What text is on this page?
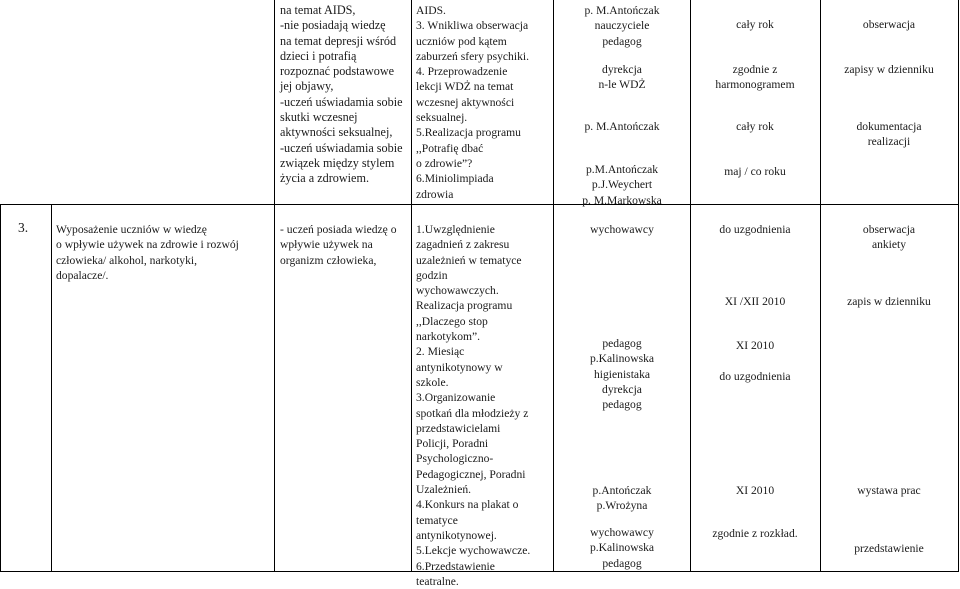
na temat AIDS,
-nie posiadają wiedzę
na temat depresji wśród
dzieci i potrafią
rozpoznać podstawowe
jej objawy,
-uczeń uświadamia sobie
skutki wczesnej
aktywności seksualnej,
-uczeń uświadamia sobie
związek między stylem
życia a zdrowiem.
AIDS.
3. Wnikliwa obserwacja
uczniów pod kątem
zaburzeń sfery psychiki.
4. Przeprowadzenie
lekcji WDŻ na temat
wczesnej aktywności
seksualnej.
5.Realizacja programu
,,Potrafię dbać
o zdrowie”?
6.Miniolimpiada
zdrowia
p. M.Antończak
nauczyciele
pedagog
dyrekcja
n-le WDŻ
p. M.Antończak
p.M.Antończak
p.J.Weychert
p. M.Markowska
cały rok
zgodnie z
harmonogramem
cały rok
maj / co roku
obserwacja
zapisy w dzienniku
dokumentacja
realizacji
3.	Wyposażenie uczniów w wiedzę
o wpływie używek na zdrowie i rozwój
człowieka/ alkohol, narkotyki,
dopalacze/.
- uczeń posiada wiedzę o
wpływie używek na
organizm człowieka,
1.Uwzględnienie
zagadnień z zakresu
uzależnień w tematyce
godzin
wychowawczych.
Realizacja programu
,,Dlaczego stop
narkotykom”.
2. Miesiąc
antynikotynowy w
szkole.
3.Organizowanie
spotkań dla młodzieży z
przedstawicielami
Policji, Poradni
Psychologiczno-
Pedagogicznej, Poradni
Uzależnień.
4.Konkurs na plakat o
tematyce
antynikotynowej.
5.Lekcje wychowawcze.
6.Przedstawienie
teatralne.
wychowawcy
pedagog
p.Kalinowska
higienistaka
dyrekcja
pedagog
p.Antończak
p.Wrożyna
wychowawcy
p.Kalinowska
pedagog
do uzgodnienia
XI /XII 2010
XI 2010

do uzgodnienia
XI 2010
zgodnie z rozkład.
obserwacja
ankiety
zapis w dzienniku
wystawa prac
przedstawienie
